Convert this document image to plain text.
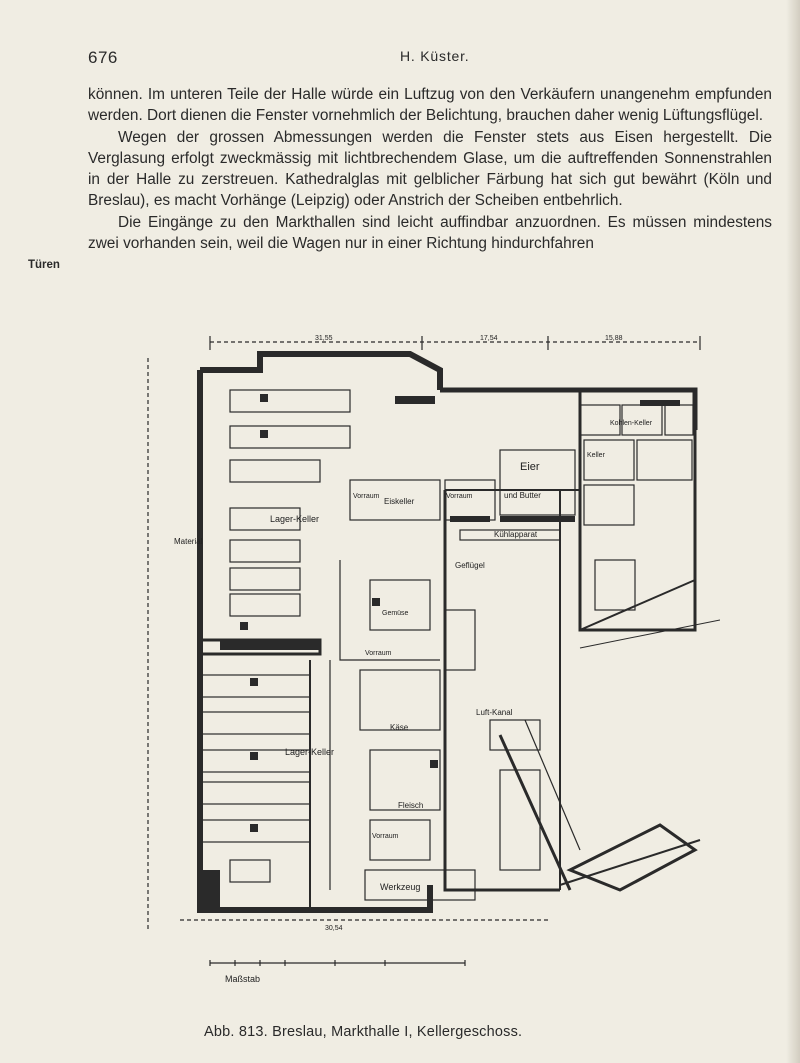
676	H. Küster.
Türen

können. Im unteren Teile der Halle würde ein Luftzug von den Verkäufern unangenehm empfunden werden. Dort dienen die Fenster vornehmlich der Belichtung, brauchen daher wenig Lüftungsflügel.

Wegen der grossen Abmessungen werden die Fenster stets aus Eisen hergestellt. Die Verglasung erfolgt zweckmässig mit lichtbrechendem Glase, um die auftreffenden Sonnenstrahlen in der Halle zu zerstreuen. Kathedralglas mit gelblicher Färbung hat sich gut bewährt (Köln und Breslau), es macht Vorhänge (Leipzig) oder Anstrich der Scheiben entbehrlich.

Die Eingänge zu den Markthallen sind leicht auffindbar anzuordnen. Es müssen mindestens zwei vorhanden sein, weil die Wagen nur in einer Richtung hindurchfahren

Lager-Keller
Lager-Keller
Material
Eiskeller
Vorraum	Vorraum
Vorraum
Vorraum
Eier
und Butter
Kühlapparat
Kohlen-Keller
Keller
Geflügel
Fleisch
Käse
Werkzeug
Luft-Kanal
Gemüse
31,55	17,54	15,88
30,54
Maßstab
Abb. 813. Breslau, Markthalle I, Kellergeschoss.
